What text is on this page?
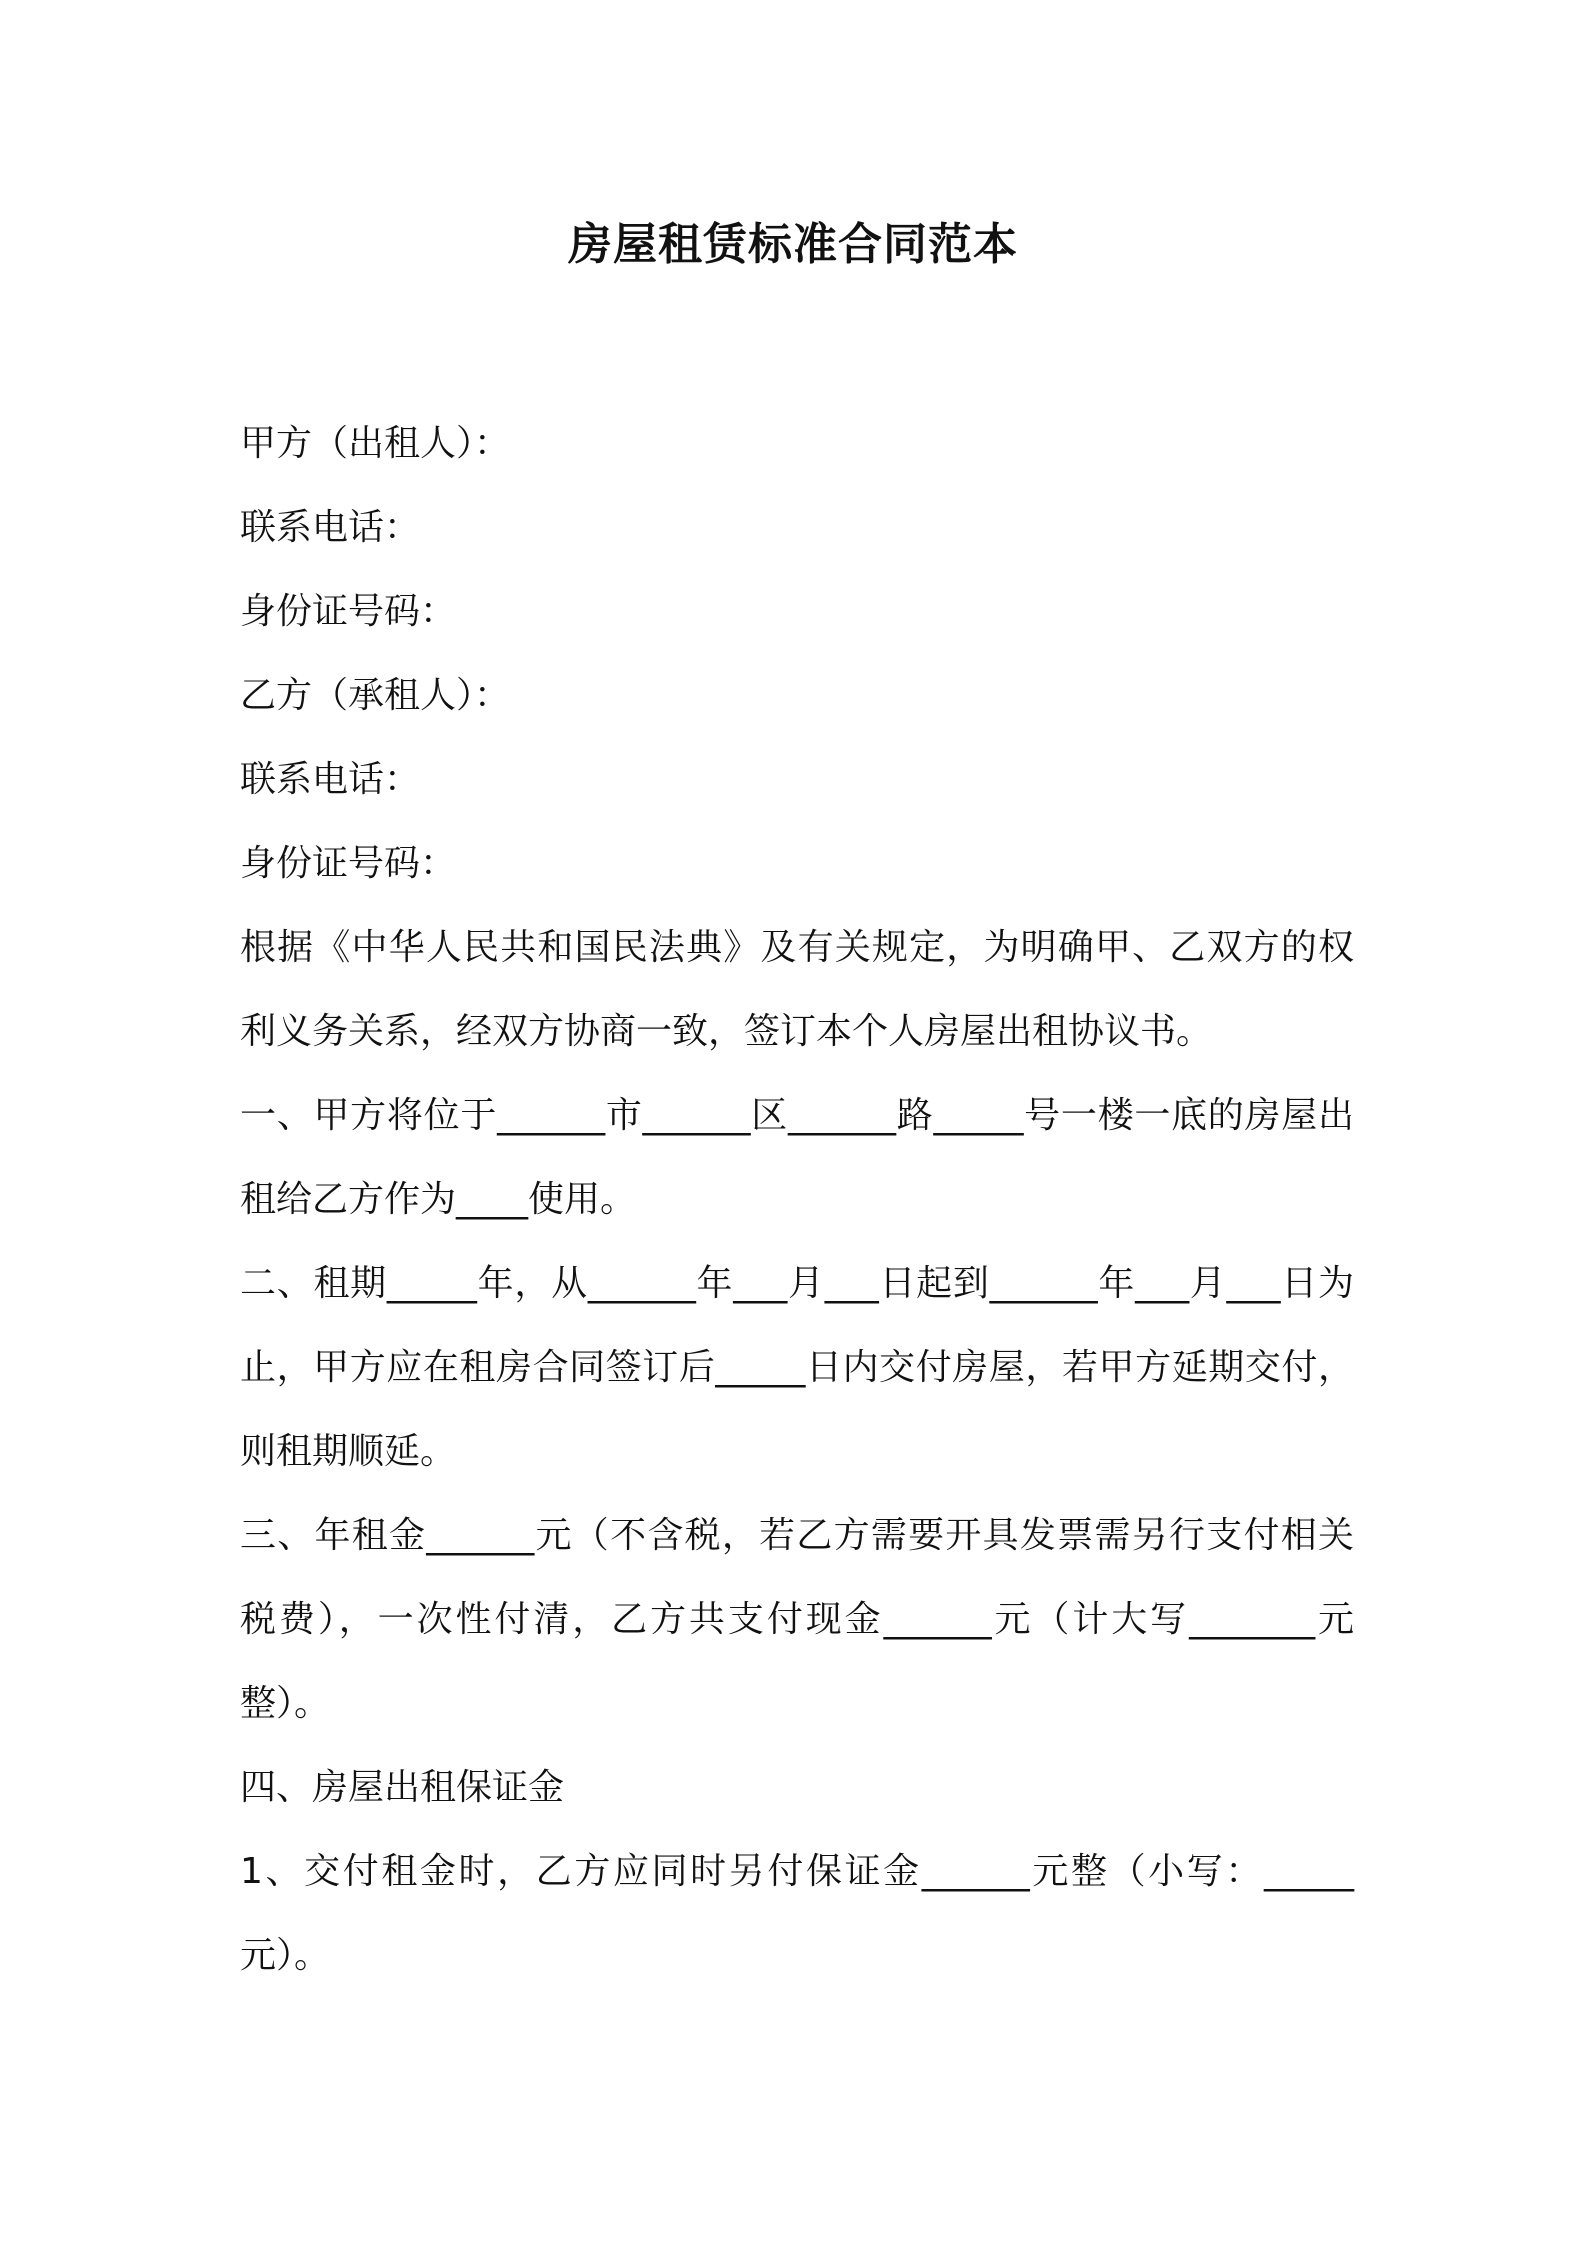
房屋租赁标准合同范本
甲方（出租人）：
联系电话：
身份证号码：
乙方（承租人）：
联系电话：
身份证号码：
根据《中华人民共和国民法典》及有关规定，为明确甲、乙双方的权利义务关系，经双方协商一致，签订本个人房屋出租协议书。
一、甲方将位于______市______区______路_____号一楼一底的房屋出租给乙方作为____使用。
二、租期_____年，从______年___月___日起到______年___月___日为止，甲方应在租房合同签订后_____日内交付房屋，若甲方延期交付，则租期顺延。
三、年租金______元（不含税，若乙方需要开具发票需另行支付相关税费），一次性付清，乙方共支付现金______元（计大写_______元整）。
四、房屋出租保证金
1、交付租金时，乙方应同时另付保证金______元整（小写：_____元）。
